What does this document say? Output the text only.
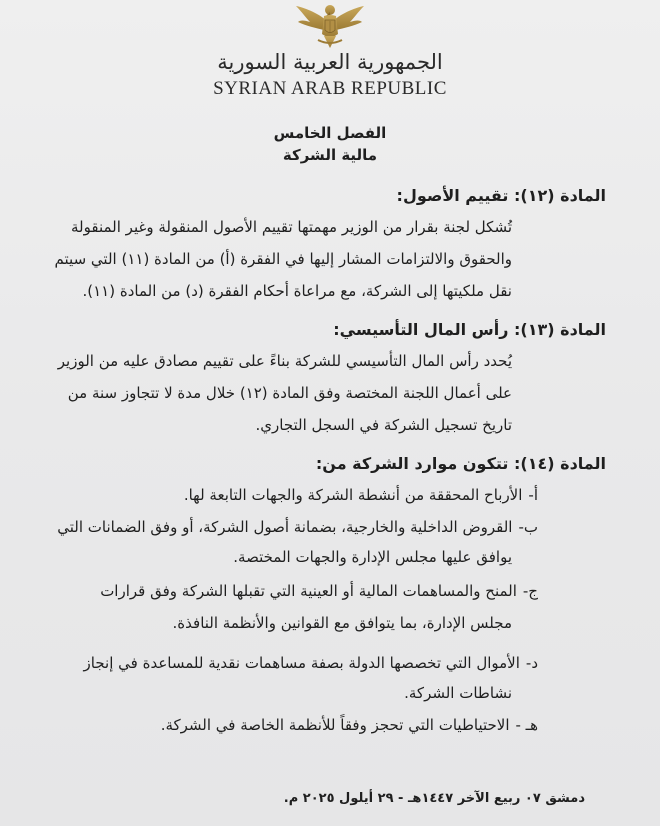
الجمهورية العربية السورية
SYRIAN ARAB REPUBLIC
الفصل الخامس
مالية الشركة
المادة (١٢): تقييم الأصول:
تُشكل لجنة بقرار من الوزير مهمتها تقييم الأصول المنقولة وغير المنقولة
والحقوق والالتزامات المشار إليها في الفقرة (أ) من المادة (١١) التي سيتم
نقل ملكيتها إلى الشركة، مع مراعاة أحكام الفقرة (د) من المادة (١١).
المادة (١٣): رأس المال التأسيسي:
يُحدد رأس المال التأسيسي للشركة بناءً على تقييم مصادق عليه من الوزير
على أعمال اللجنة المختصة وفق المادة (١٢) خلال مدة لا تتجاوز سنة من
تاريخ تسجيل الشركة في السجل التجاري.
المادة (١٤): تتكون موارد الشركة من:
أ-الأرباح المحققة من أنشطة الشركة والجهات التابعة لها.
ب-القروض الداخلية والخارجية، بضمانة أصول الشركة، أو وفق الضمانات التي
يوافق عليها مجلس الإدارة والجهات المختصة.
ج-المنح والمساهمات المالية أو العينية التي تقبلها الشركة وفق قرارات
مجلس الإدارة، بما يتوافق مع القوانين والأنظمة النافذة.
د-الأموال التي تخصصها الدولة بصفة مساهمات نقدية للمساعدة في إنجاز
نشاطات الشركة.
هـ -الاحتياطيات التي تحجز وفقاً للأنظمة الخاصة في الشركة.
دمشق ٠٧ ربيع الآخر ١٤٤٧هـ - ٢٩ أيلول ٢٠٢٥ م.
